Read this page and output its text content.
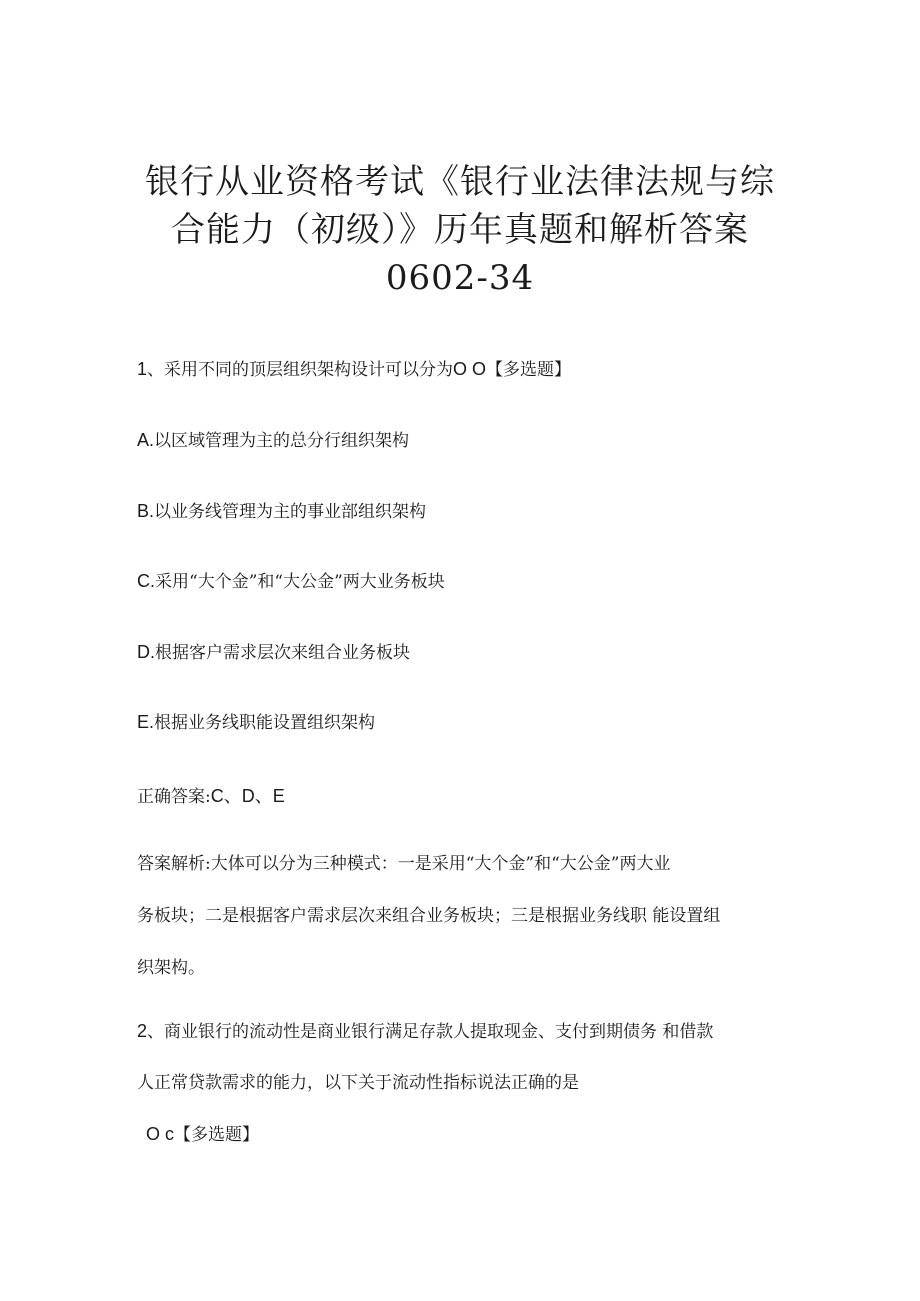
银行从业资格考试《银行业法律法规与综
合能力（初级）》历年真题和解析答案
0602-34

1、采用不同的顶层组织架构设计可以分为O O【多选题】

A.以区域管理为主的总分行组织架构

B.以业务线管理为主的事业部组织架构

C.采用“大个金”和“大公金”两大业务板块

D.根据客户需求层次来组合业务板块

E.根据业务线职能设置组织架构

正确答案:C、D、E

答案解析:大体可以分为三种模式：一是采用“大个金”和“大公金”两大业
务板块；二是根据客户需求层次来组合业务板块；三是根据业务线职 能设置组
织架构。
2、商业银行的流动性是商业银行满足存款人提取现金、支付到期债务 和借款
人正常贷款需求的能力，以下关于流动性指标说法正确的是

O c【多选题】
